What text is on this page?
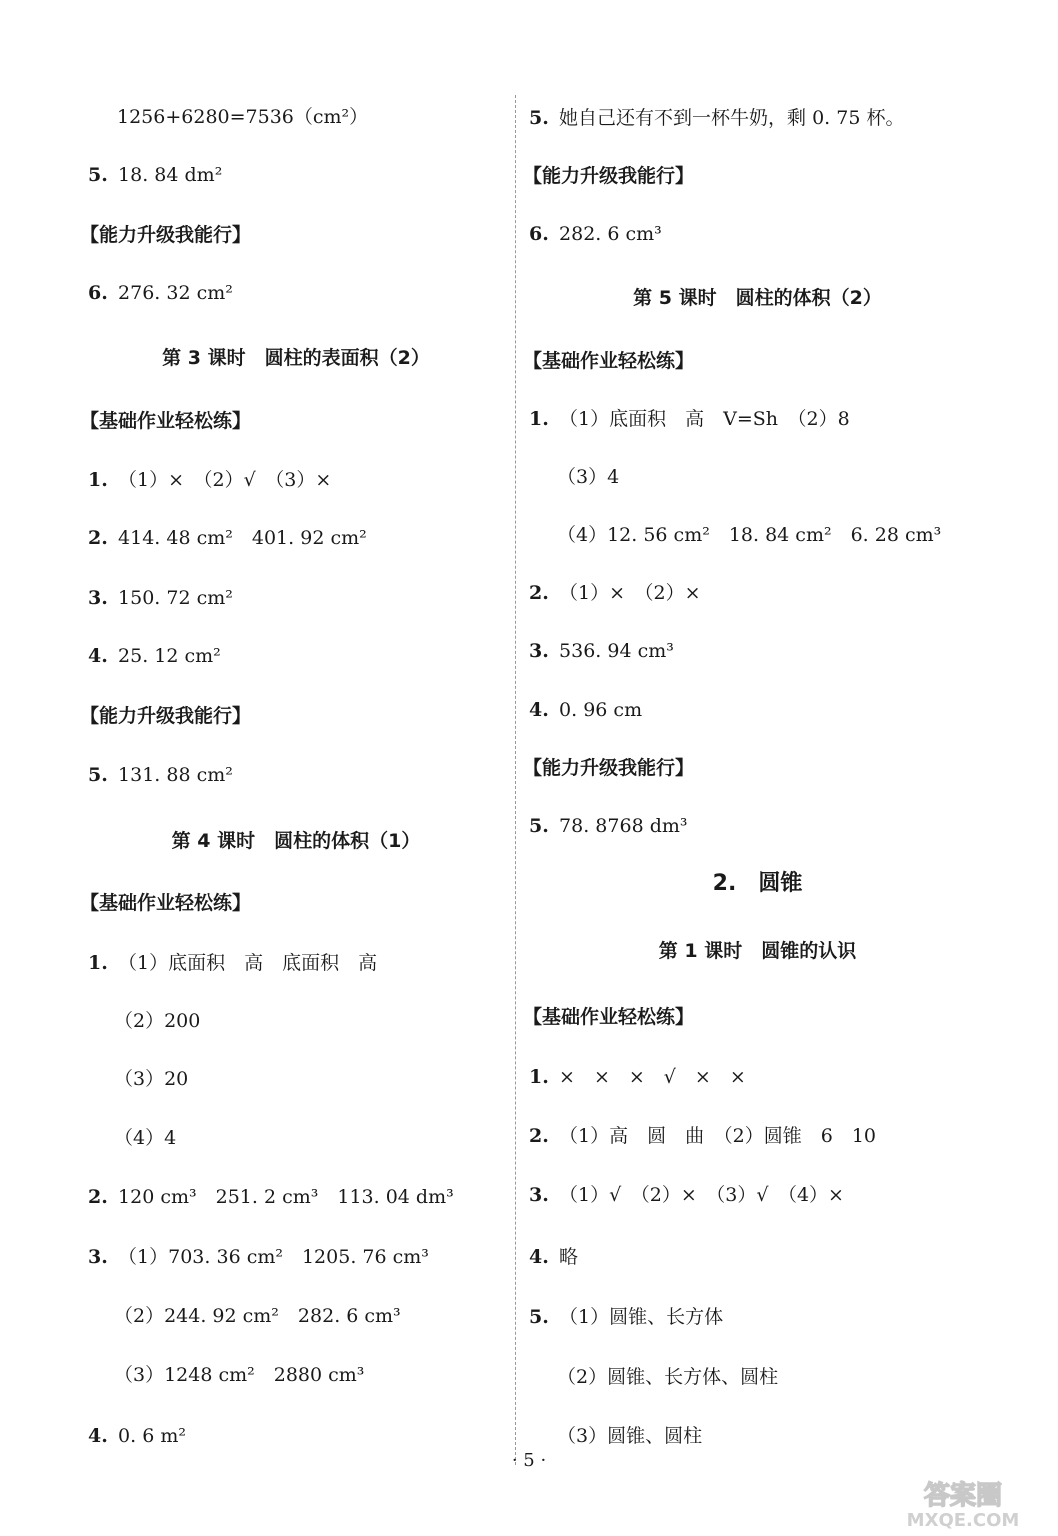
1256+6280=7536（cm²）
5. 18. 84 dm²
【能力升级我能行】
6. 276. 32 cm²
第 3 课时　圆柱的表面积（2）
【基础作业轻松练】
1. （1）×　（2）√　（3）×
2. 414. 48 cm²　401. 92 cm²
3. 150. 72 cm²
4. 25. 12 cm²
【能力升级我能行】
5. 131. 88 cm²
第 4 课时　圆柱的体积（1）
【基础作业轻松练】
1. （1）底面积　高　底面积　高
（2）200
（3）20
（4）4
2. 120 cm³　251. 2 cm³　113. 04 dm³
3. （1）703. 36 cm²　1205. 76 cm³
（2）244. 92 cm²　282. 6 cm³
（3）1248 cm²　2880 cm³
4. 0. 6 m²
5. 她自己还有不到一杯牛奶，剩 0. 75 杯。
【能力升级我能行】
6. 282. 6 cm³
第 5 课时　圆柱的体积（2）
【基础作业轻松练】
1. （1）底面积　高　V=Sh　（2）8
（3）4
（4）12. 56 cm²　18. 84 cm²　6. 28 cm³
2. （1）×　（2）×
3. 536. 94 cm³
4. 0. 96 cm
【能力升级我能行】
5. 78. 8768 dm³
2.　圆锥
第 1 课时　圆锥的认识
【基础作业轻松练】
1. ×　×　×　√　×　×
2. （1）高　圆　曲　（2）圆锥　6　10
3. （1）√　（2）×　（3）√　（4）×
4. 略
5. （1）圆锥、长方体
（2）圆锥、长方体、圆柱
（3）圆锥、圆柱
· 5 ·
答案圈
MXQE.COM
